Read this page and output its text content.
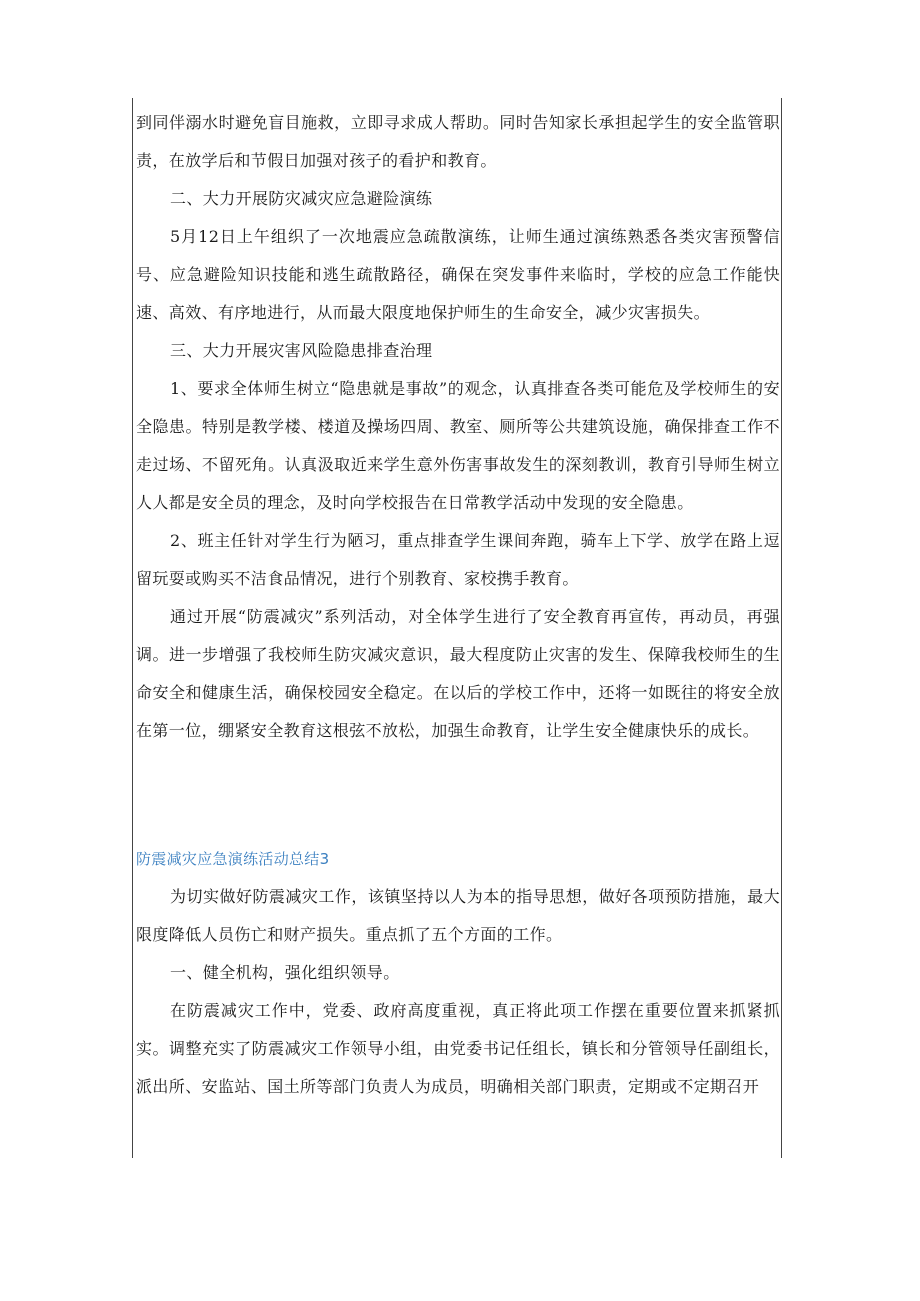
到同伴溺水时避免盲目施救，立即寻求成人帮助。同时告知家长承担起学生的安全监管职责，在放学后和节假日加强对孩子的看护和教育。

二、大力开展防灾减灾应急避险演练

5月12日上午组织了一次地震应急疏散演练，让师生通过演练熟悉各类灾害预警信号、应急避险知识技能和逃生疏散路径，确保在突发事件来临时，学校的应急工作能快速、高效、有序地进行，从而最大限度地保护师生的生命安全，减少灾害损失。

三、大力开展灾害风险隐患排查治理

1、要求全体师生树立“隐患就是事故”的观念，认真排查各类可能危及学校师生的安全隐患。特别是教学楼、楼道及操场四周、教室、厕所等公共建筑设施，确保排查工作不走过场、不留死角。认真汲取近来学生意外伤害事故发生的深刻教训，教育引导师生树立人人都是安全员的理念，及时向学校报告在日常教学活动中发现的安全隐患。

2、班主任针对学生行为陋习，重点排查学生课间奔跑，骑车上下学、放学在路上逗留玩耍或购买不洁食品情况，进行个别教育、家校携手教育。

通过开展“防震减灾”系列活动，对全体学生进行了安全教育再宣传，再动员，再强调。进一步增强了我校师生防灾减灾意识，最大程度防止灾害的发生、保障我校师生的生命安全和健康生活，确保校园安全稳定。在以后的学校工作中，还将一如既往的将安全放在第一位，绷紧安全教育这根弦不放松，加强生命教育，让学生安全健康快乐的成长。

防震减灾应急演练活动总结3

为切实做好防震减灾工作，该镇坚持以人为本的指导思想，做好各项预防措施，最大限度降低人员伤亡和财产损失。重点抓了五个方面的工作。

一、健全机构，强化组织领导。

在防震减灾工作中，党委、政府高度重视，真正将此项工作摆在重要位置来抓紧抓实。调整充实了防震减灾工作领导小组，由党委书记任组长，镇长和分管领导任副组长，派出所、安监站、国土所等部门负责人为成员，明确相关部门职责，定期或不定期召开
